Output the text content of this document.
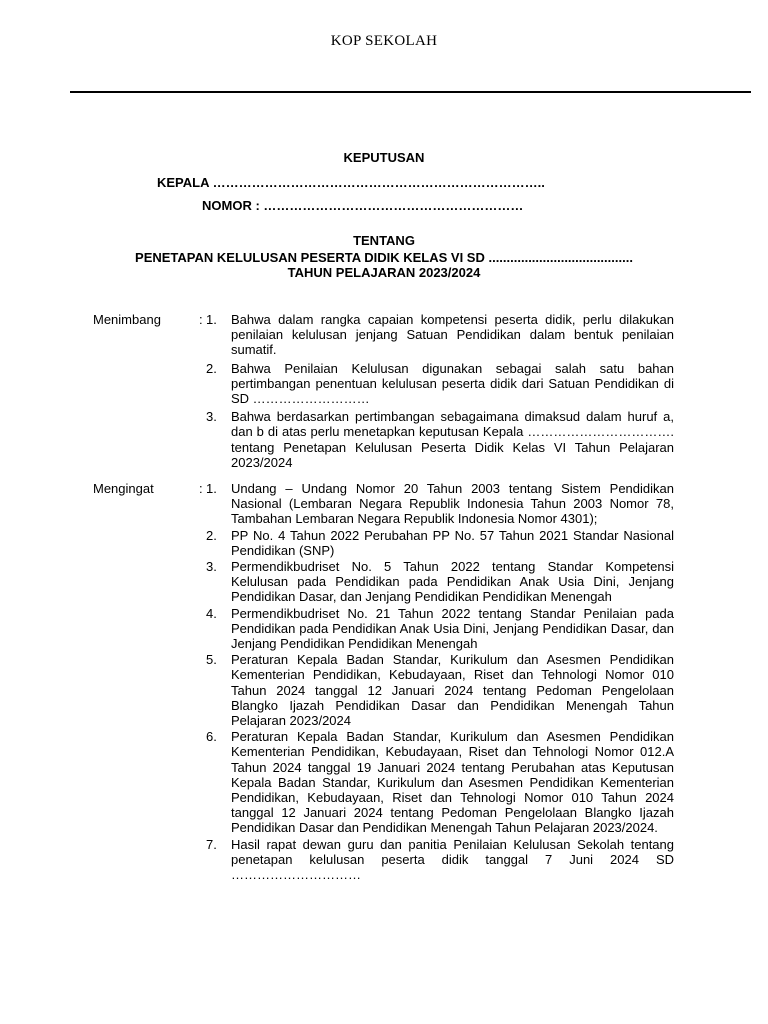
KOP SEKOLAH
KEPUTUSAN
KEPALA …………………………………………………………………..
NOMOR : ……………………………………………………
TENTANG
PENETAPAN KELULUSAN PESERTA DIDIK KELAS VI SD ........................................
TAHUN PELAJARAN 2023/2024
Menimbang	: 1.	Bahwa dalam rangka capaian kompetensi peserta didik, perlu dilakukan penilaian kelulusan jenjang Satuan Pendidikan dalam bentuk penilaian sumatif.
2.	Bahwa Penilaian Kelulusan digunakan sebagai salah satu bahan pertimbangan penentuan kelulusan peserta didik dari Satuan Pendidikan di SD ………………………
3.	Bahwa berdasarkan pertimbangan sebagaimana dimaksud dalam huruf a, dan b di atas perlu menetapkan keputusan Kepala ……………………………. tentang Penetapan Kelulusan Peserta Didik Kelas VI Tahun Pelajaran 2023/2024
Mengingat	: 1.	Undang – Undang Nomor 20 Tahun 2003 tentang Sistem Pendidikan Nasional (Lembaran Negara Republik Indonesia Tahun 2003 Nomor 78, Tambahan Lembaran Negara Republik Indonesia Nomor 4301);
2.	PP No. 4 Tahun 2022 Perubahan PP No. 57 Tahun 2021 Standar Nasional Pendidikan (SNP)
3.	Permendikbudriset No. 5 Tahun 2022 tentang Standar Kompetensi Kelulusan pada Pendidikan pada Pendidikan Anak Usia Dini, Jenjang Pendidikan Dasar, dan Jenjang Pendidikan Pendidikan Menengah
4.	Permendikbudriset No. 21 Tahun 2022 tentang Standar Penilaian pada Pendidikan pada Pendidikan Anak Usia Dini, Jenjang Pendidikan Dasar, dan Jenjang Pendidikan Pendidikan Menengah
5.	Peraturan Kepala Badan Standar, Kurikulum dan Asesmen Pendidikan Kementerian Pendidikan, Kebudayaan, Riset dan Tehnologi Nomor 010 Tahun 2024 tanggal 12 Januari 2024 tentang Pedoman Pengelolaan Blangko Ijazah Pendidikan Dasar dan Pendidikan Menengah Tahun Pelajaran 2023/2024
6.	Peraturan Kepala Badan Standar, Kurikulum dan Asesmen Pendidikan Kementerian Pendidikan, Kebudayaan, Riset dan Tehnologi Nomor 012.A Tahun 2024 tanggal 19 Januari 2024 tentang Perubahan atas Keputusan Kepala Badan Standar, Kurikulum dan Asesmen Pendidikan Kementerian Pendidikan, Kebudayaan, Riset dan Tehnologi Nomor 010 Tahun 2024 tanggal 12 Januari 2024 tentang Pedoman Pengelolaan Blangko Ijazah Pendidikan Dasar dan Pendidikan Menengah Tahun Pelajaran 2023/2024.
7.	Hasil rapat dewan guru dan panitia Penilaian Kelulusan Sekolah tentang penetapan kelulusan peserta didik tanggal 7 Juni 2024 SD …………………………
